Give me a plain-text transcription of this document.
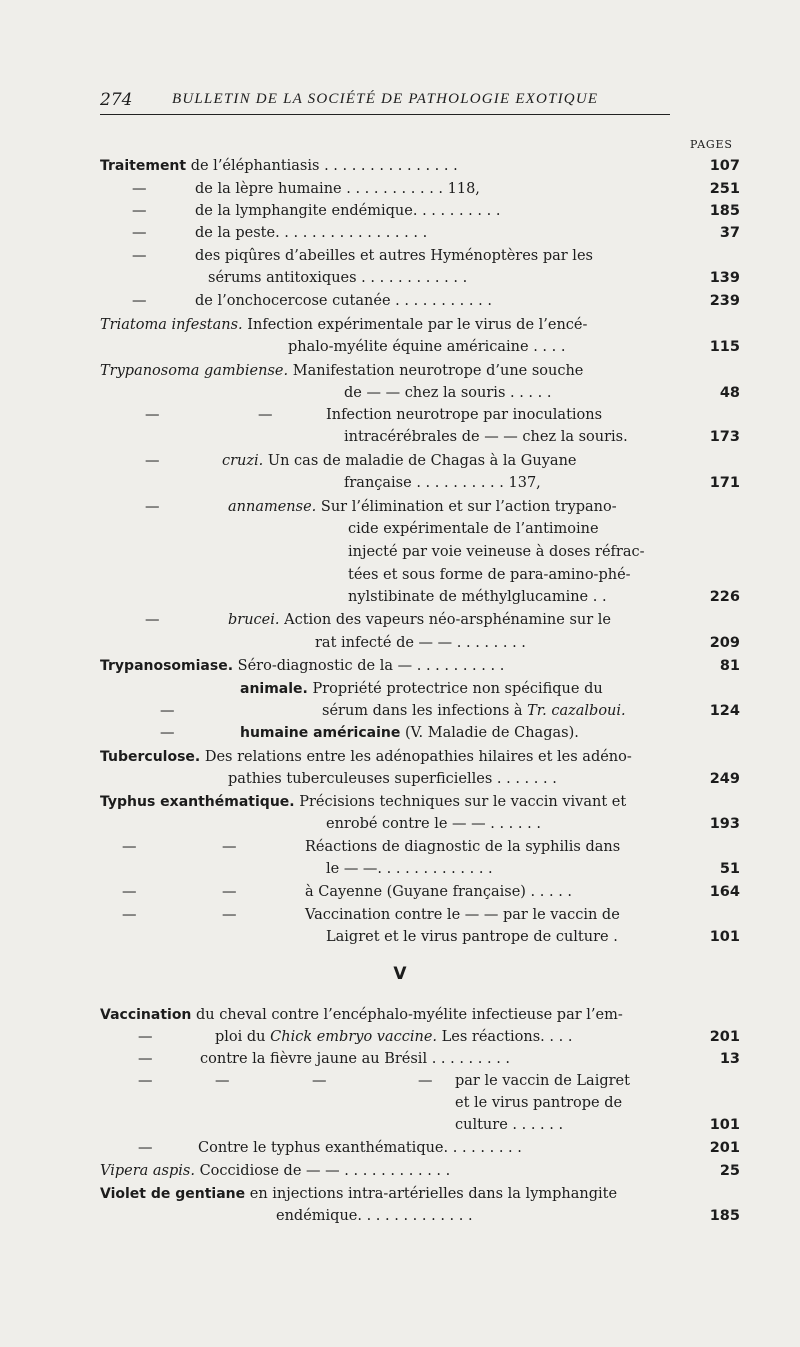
274	BULLETIN DE LA SOCIÉTÉ DE PATHOLOGIE EXOTIQUE
PAGES
Traitement de l’éléphantiasis . . . . . . . . . . . . . . .	107
—	de la lèpre humaine . . . . . . . . . . . 118,	251
—	de la lymphangite endémique. . . . . . . . . .	185
—	de la peste. . . . . . . . . . . . . . . . .	37
—	des piqûres d’abeilles et autres Hyménoptères par les
sérums antitoxiques . . . . . . . . . . . .	139
—	de l’onchocercose cutanée . . . . . . . . . . .	239
Triatoma infestans. Infection expérimentale par le virus de l’encé-
phalo-myélite équine américaine . . . .	115
Trypanosoma gambiense. Manifestation neurotrope d’une souche
de — — chez la souris . . . . .	48
—	—	Infection neurotrope par inoculations
intracérébrales de — — chez la souris.	173
—	cruzi. Un cas de maladie de Chagas à la Guyane
française . . . . . . . . . . 137,	171
—	annamense. Sur l’élimination et sur l’action trypano-
cide expérimentale de l’antimoine
injecté par voie veineuse à doses réfrac-
tées et sous forme de para-amino-phé-
nylstibinate de méthylglucamine . .	226
—	brucei. Action des vapeurs néo-arsphénamine sur le
rat infecté de — — . . . . . . . .	209
Trypanosomiase. Séro-diagnostic de la — . . . . . . . . . .	81
animale. Propriété protectrice non spécifique du
—	sérum dans les infections à Tr. cazalboui.	124
—	humaine américaine (V. Maladie de Chagas).
Tuberculose. Des relations entre les adénopathies hilaires et les adéno-
pathies tuberculeuses superficielles . . . . . . .	249
Typhus exanthématique. Précisions techniques sur le vaccin vivant et
enrobé contre le — — . . . . . .	193
—	—	Réactions de diagnostic de la syphilis dans
le — —. . . . . . . . . . . . .	51
—	—	à Cayenne (Guyane française) . . . . .	164
—	—	Vaccination contre le — — par le vaccin de
Laigret et le virus pantrope de culture .	101
V
Vaccination du cheval contre l’encéphalo-myélite infectieuse par l’em-
—	ploi du Chick embryo vaccine. Les réactions. . . .	201
—	contre la fièvre jaune au Brésil . . . . . . . . .	13
—	—	—	— par le vaccin de Laigret
et le virus pantrope de
culture . . . . . .	101
—	Contre le typhus exanthématique. . . . . . . . .	201
Vipera aspis. Coccidiose de — — . . . . . . . . . . . .	25
Violet de gentiane en injections intra-artérielles dans la lymphangite
endémique. . . . . . . . . . . . .	185
